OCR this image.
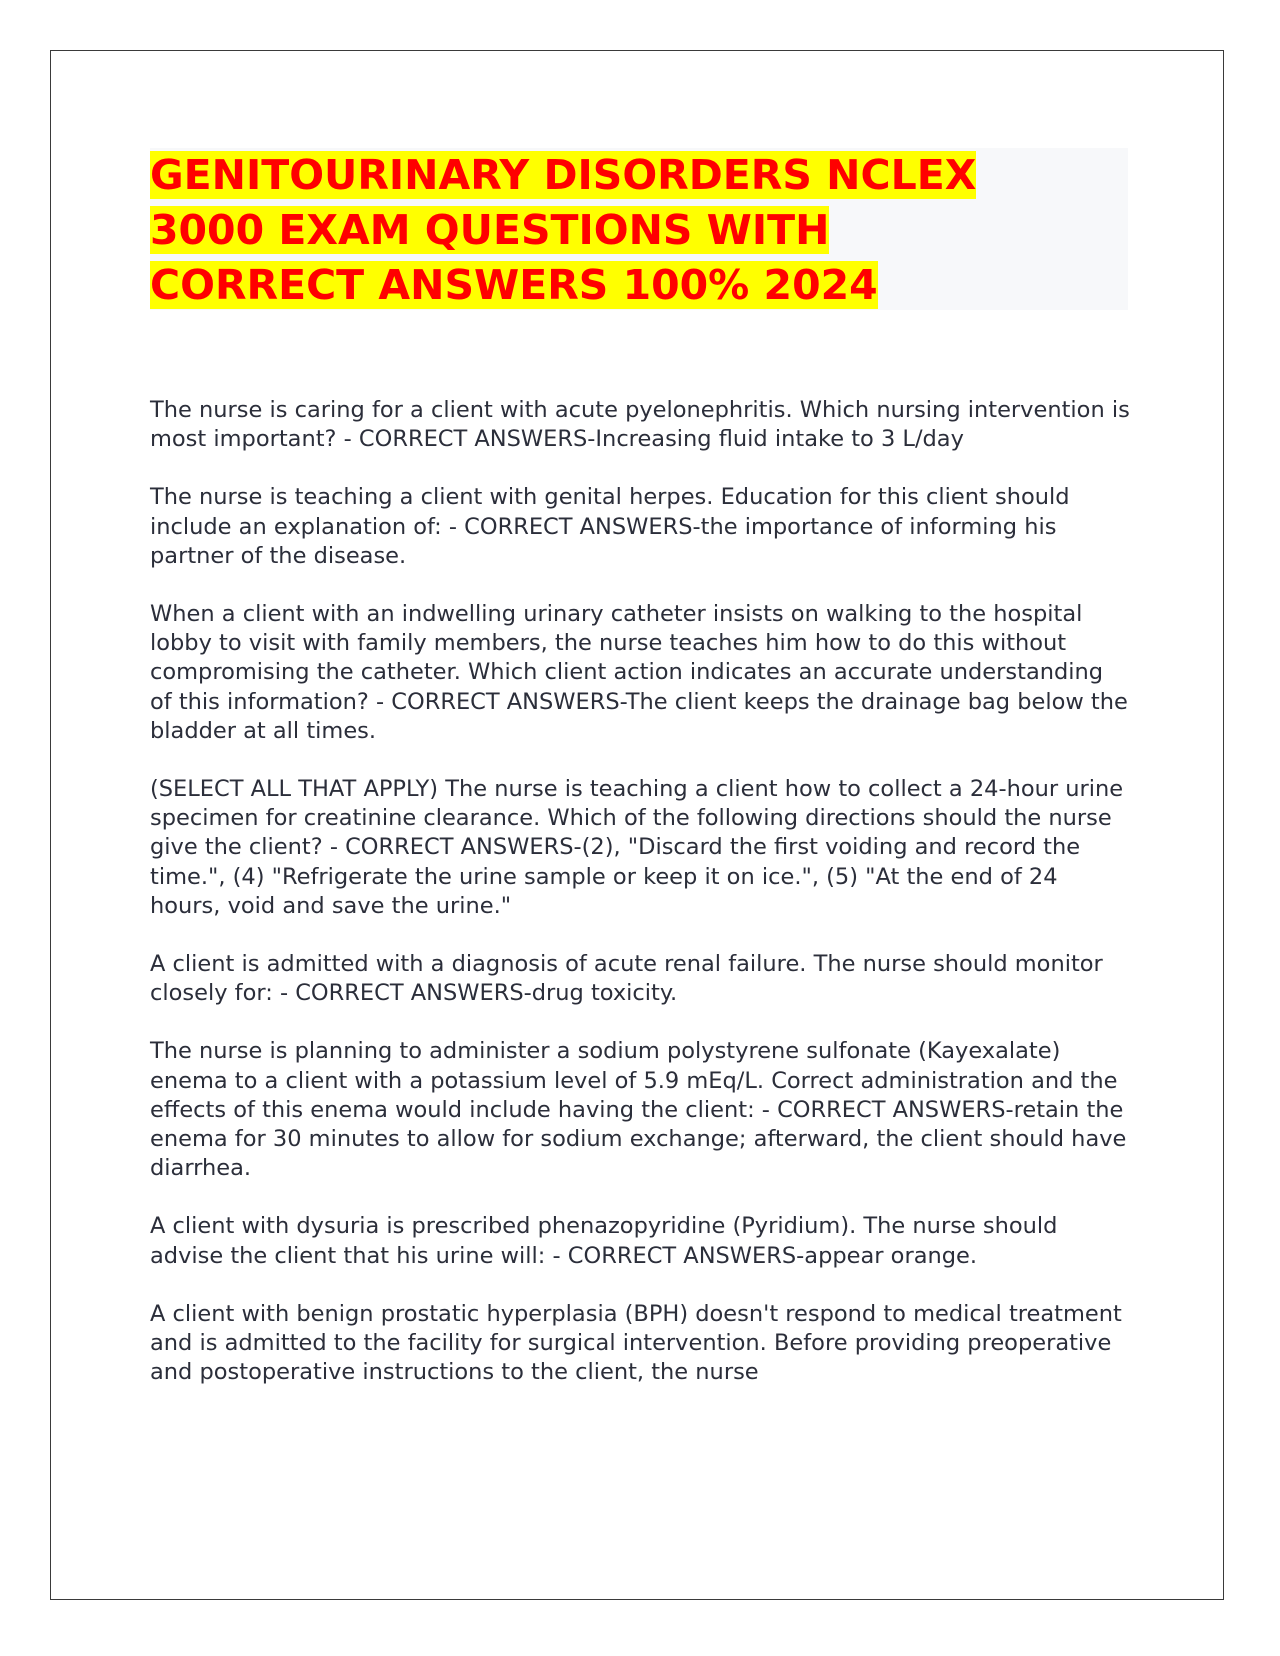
GENITOURINARY DISORDERS NCLEX
3000 EXAM QUESTIONS WITH
CORRECT ANSWERS 100% 2024

The nurse is caring for a client with acute pyelonephritis. Which nursing intervention is most important? - CORRECT ANSWERS-Increasing fluid intake to 3 L/day

The nurse is teaching a client with genital herpes. Education for this client should include an explanation of: - CORRECT ANSWERS-the importance of informing his partner of the disease.

When a client with an indwelling urinary catheter insists on walking to the hospital lobby to visit with family members, the nurse teaches him how to do this without compromising the catheter. Which client action indicates an accurate understanding of this information? - CORRECT ANSWERS-The client keeps the drainage bag below the bladder at all times.

(SELECT ALL THAT APPLY) The nurse is teaching a client how to collect a 24-hour urine specimen for creatinine clearance. Which of the following directions should the nurse give the client? - CORRECT ANSWERS-(2), "Discard the first voiding and record the time.", (4) "Refrigerate the urine sample or keep it on ice.", (5) "At the end of 24 hours, void and save the urine."

A client is admitted with a diagnosis of acute renal failure. The nurse should monitor closely for: - CORRECT ANSWERS-drug toxicity.

The nurse is planning to administer a sodium polystyrene sulfonate (Kayexalate) enema to a client with a potassium level of 5.9 mEq/L. Correct administration and the effects of this enema would include having the client: - CORRECT ANSWERS-retain the enema for 30 minutes to allow for sodium exchange; afterward, the client should have diarrhea.

A client with dysuria is prescribed phenazopyridine (Pyridium). The nurse should advise the client that his urine will: - CORRECT ANSWERS-appear orange.

A client with benign prostatic hyperplasia (BPH) doesn't respond to medical treatment and is admitted to the facility for surgical intervention. Before providing preoperative and postoperative instructions to the client, the nurse
